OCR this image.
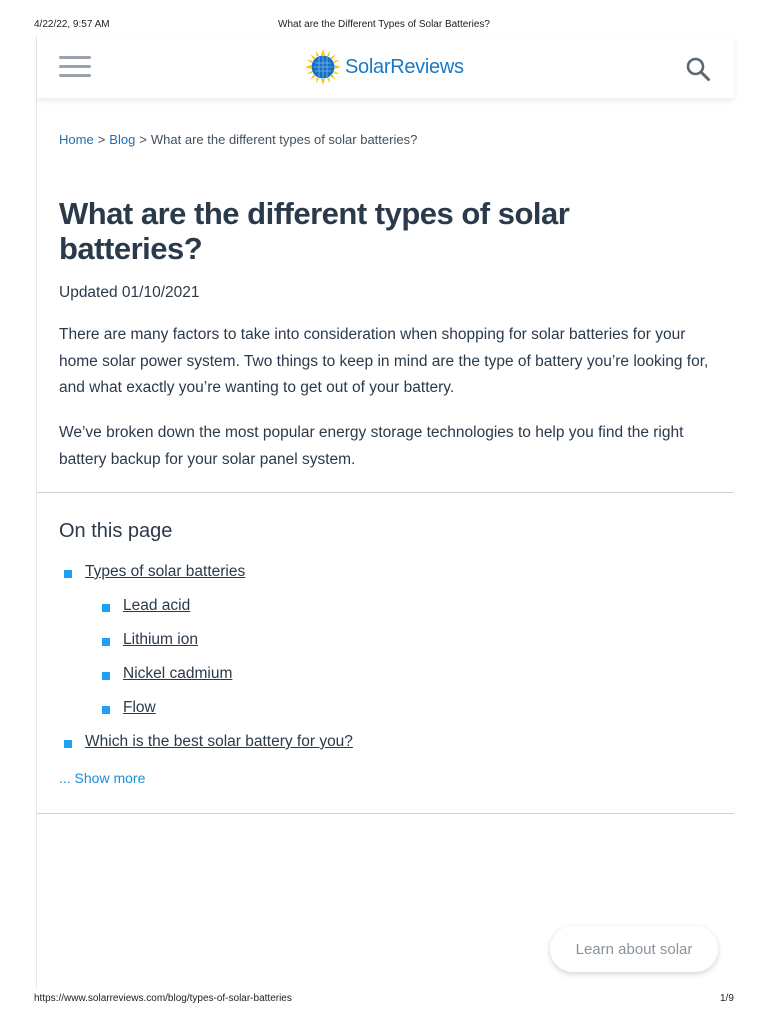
4/22/22, 9:57 AM	What are the Different Types of Solar Batteries?
SolarReviews
Home > Blog > What are the different types of solar batteries?
What are the different types of solar batteries?
Updated 01/10/2021

There are many factors to take into consideration when shopping for solar batteries for your home solar power system. Two things to keep in mind are the type of battery you’re looking for, and what exactly you’re wanting to get out of your battery.

We’ve broken down the most popular energy storage technologies to help you find the right battery backup for your solar panel system.

On this page
Types of solar batteries
Lead acid
Lithium ion
Nickel cadmium
Flow
Which is the best solar battery for you?
... Show more
Learn about solar
https://www.solarreviews.com/blog/types-of-solar-batteries	1/9
